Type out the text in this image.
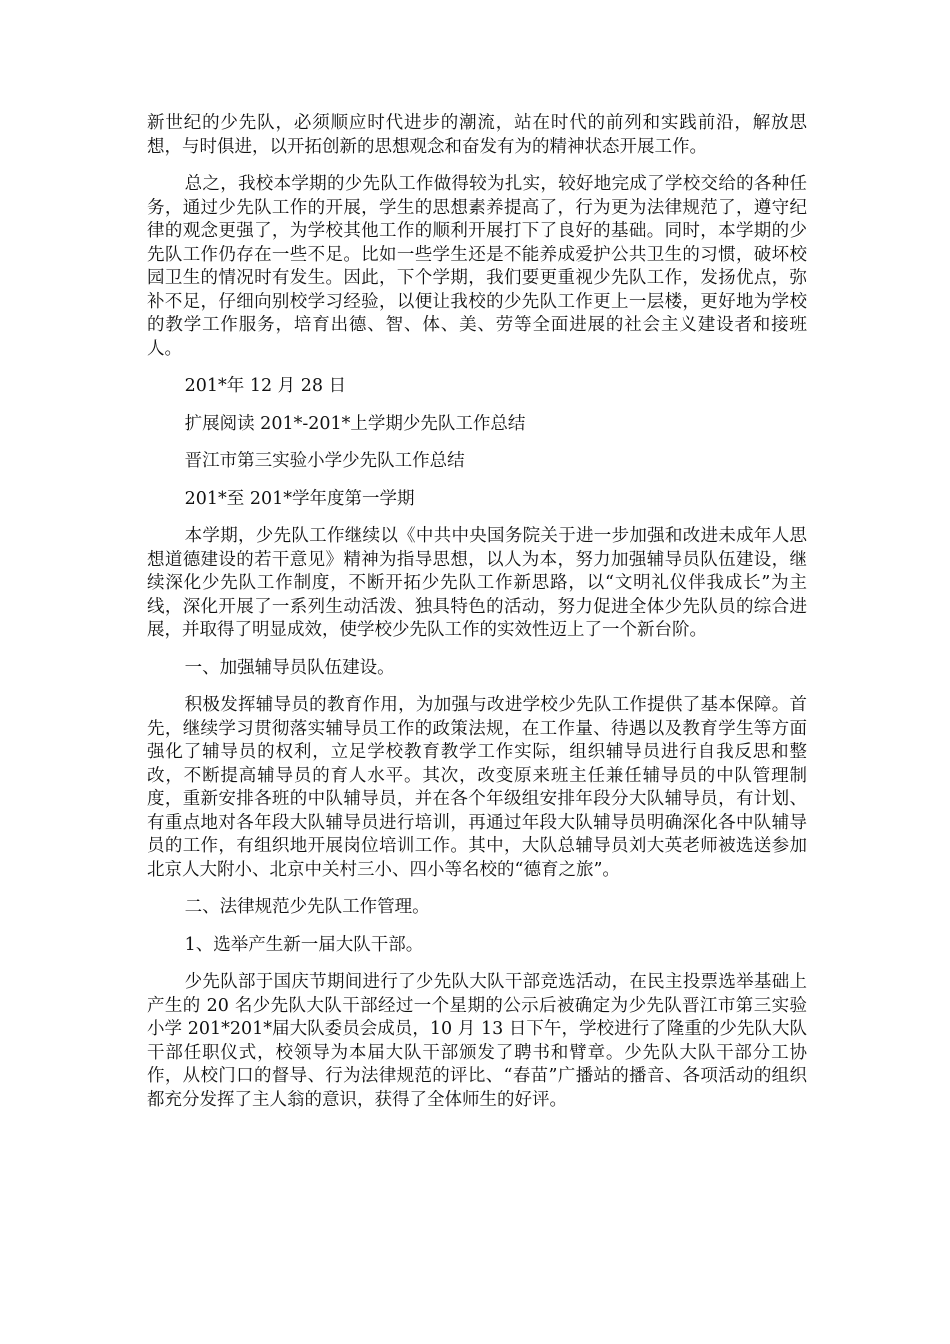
新世纪的少先队，必须顺应时代进步的潮流，站在时代的前列和实践前沿，解放思想，与时俱进，以开拓创新的思想观念和奋发有为的精神状态开展工作。

总之，我校本学期的少先队工作做得较为扎实，较好地完成了学校交给的各种任务，通过少先队工作的开展，学生的思想素养提高了，行为更为法律规范了，遵守纪律的观念更强了，为学校其他工作的顺利开展打下了良好的基础。同时，本学期的少先队工作仍存在一些不足。比如一些学生还是不能养成爱护公共卫生的习惯，破坏校园卫生的情况时有发生。因此，下个学期，我们要更重视少先队工作，发扬优点，弥补不足，仔细向别校学习经验，以便让我校的少先队工作更上一层楼，更好地为学校的教学工作服务，培育出德、智、体、美、劳等全面进展的社会主义建设者和接班人。

201*年 12 月 28 日

扩展阅读 201*-201*上学期少先队工作总结

晋江市第三实验小学少先队工作总结

201*至 201*学年度第一学期

本学期，少先队工作继续以《中共中央国务院关于进一步加强和改进未成年人思想道德建设的若干意见》精神为指导思想，以人为本，努力加强辅导员队伍建设，继续深化少先队工作制度，不断开拓少先队工作新思路，以“文明礼仪伴我成长”为主线，深化开展了一系列生动活泼、独具特色的活动，努力促进全体少先队员的综合进展，并取得了明显成效，使学校少先队工作的实效性迈上了一个新台阶。

一、加强辅导员队伍建设。

积极发挥辅导员的教育作用，为加强与改进学校少先队工作提供了基本保障。首先，继续学习贯彻落实辅导员工作的政策法规，在工作量、待遇以及教育学生等方面强化了辅导员的权利，立足学校教育教学工作实际，组织辅导员进行自我反思和整改，不断提高辅导员的育人水平。其次，改变原来班主任兼任辅导员的中队管理制度，重新安排各班的中队辅导员，并在各个年级组安排年段分大队辅导员，有计划、有重点地对各年段大队辅导员进行培训，再通过年段大队辅导员明确深化各中队辅导员的工作，有组织地开展岗位培训工作。其中，大队总辅导员刘大英老师被选送参加北京人大附小、北京中关村三小、四小等名校的“德育之旅”。

二、法律规范少先队工作管理。

1、选举产生新一届大队干部。

少先队部于国庆节期间进行了少先队大队干部竞选活动，在民主投票选举基础上产生的 20 名少先队大队干部经过一个星期的公示后被确定为少先队晋江市第三实验小学 201*201*届大队委员会成员，10 月 13 日下午，学校进行了隆重的少先队大队干部任职仪式，校领导为本届大队干部颁发了聘书和臂章。少先队大队干部分工协作，从校门口的督导、行为法律规范的评比、“春苗”广播站的播音、各项活动的组织都充分发挥了主人翁的意识，获得了全体师生的好评。
